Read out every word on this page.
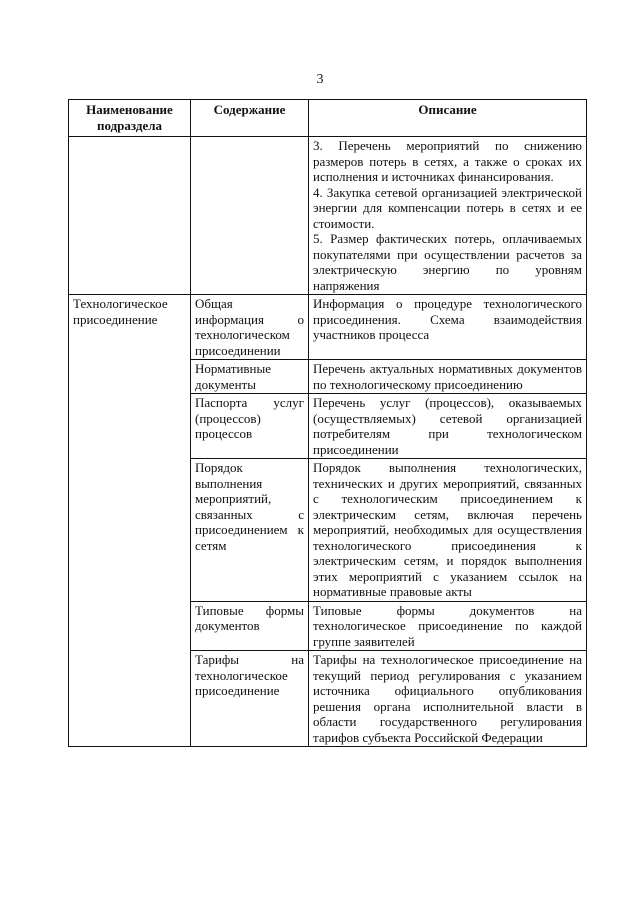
3
Наименование подраздела	Содержание	Описание

		3. Перечень мероприятий по снижению размеров потерь в сетях, а также о сроках их исполнения и источниках финансирования.
4. Закупка сетевой организацией электрической энергии для компенсации потерь в сетях и ее стоимости.
5. Размер фактических потерь, оплачиваемых покупателями при осуществлении расчетов за электрическую энергию по уровням напряжения

Технологическое присоединение	Общая информация о технологическом присоединении	Информация о процедуре технологического присоединения. Схема взаимодействия участников процесса
	Нормативные документы	Перечень актуальных нормативных документов по технологическому присоединению
	Паспорта услуг (процессов) процессов	Перечень услуг (процессов), оказываемых (осуществляемых) сетевой организацией потребителям при технологическом присоединении
	Порядок выполнения мероприятий, связанных с присоединением к сетям	Порядок выполнения технологических, технических и других мероприятий, связанных с технологическим присоединением к электрическим сетям, включая перечень мероприятий, необходимых для осуществления технологического присоединения к электрическим сетям, и порядок выполнения этих мероприятий с указанием ссылок на нормативные правовые акты
	Типовые формы документов	Типовые формы документов на технологическое присоединение по каждой группе заявителей
	Тарифы на технологическое присоединение	Тарифы на технологическое присоединение на текущий период регулирования с указанием источника официального опубликования решения органа исполнительной власти в области государственного регулирования тарифов субъекта Российской Федерации
